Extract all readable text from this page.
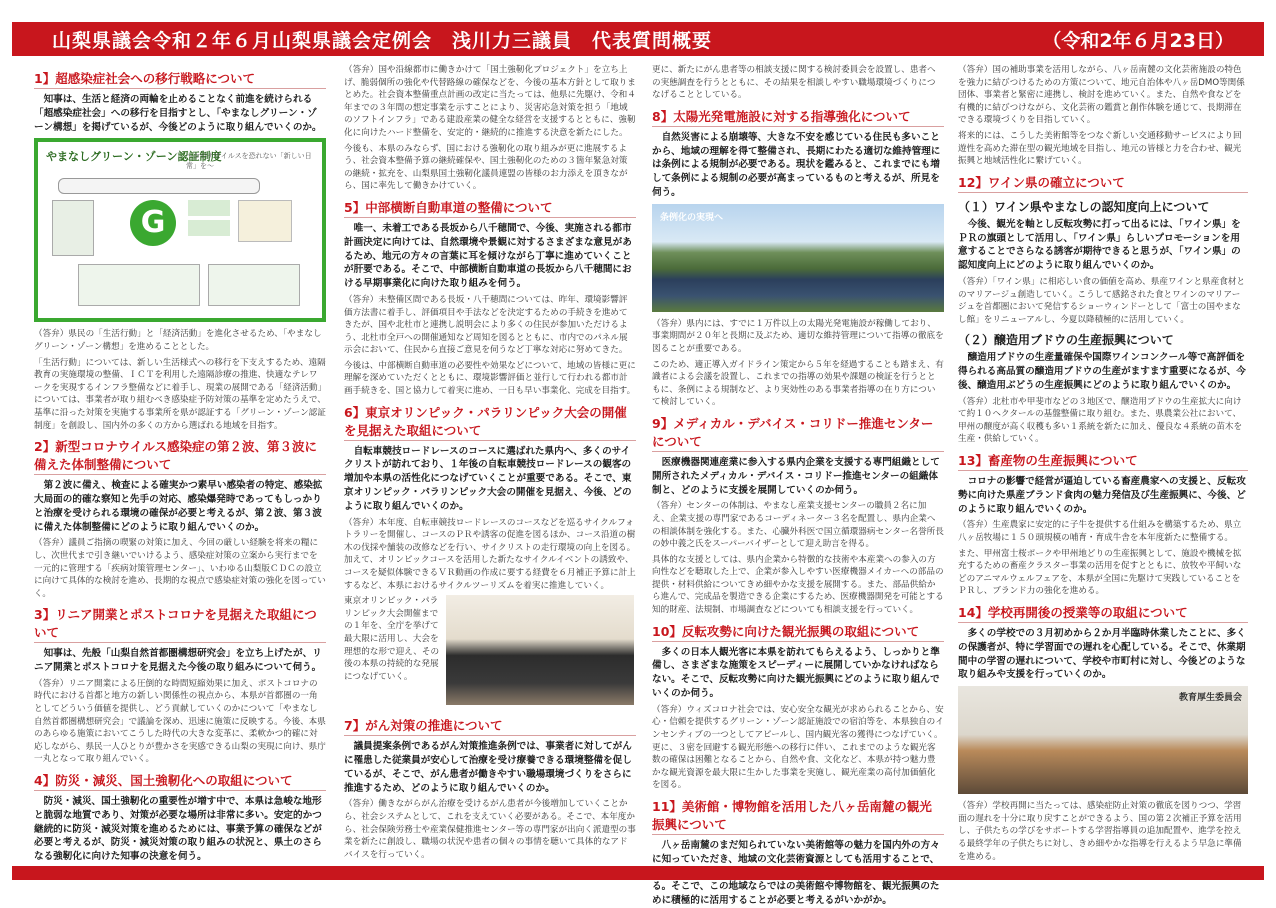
山梨県議会令和２年６月山梨県議会定例会　浅川力三議員　代表質問概要	（令和2年６月23日）
1】超感染症社会への移行戦略について

知事は、生活と経済の両輪を止めることなく前進を続けられる「超感染症社会」への移行を目指すとし、「やまなしグリーン・ゾーン構想」を掲げているが、今後どのように取り組んでいくのか。

やまなしグリーン・ゾーン認証制度
～コロナウイルスを恐れない「新しい日常」を～
G

（答弁）県民の「生活行動」と「経済活動」を進化させるため、「やまなしグリーン・ゾーン構想」を進めることとした。

「生活行動」については、新しい生活様式への移行を下支えするため、遠隔教育の実施環境の整備、ＩＣＴを利用した遠隔診療の推進、快適なテレワークを実現するインフラ整備などに着手し、現業の展開である「経済活動」については、事業者が取り組むべき感染症予防対策の基準を定めたうえで、基準に沿った対策を実施する事業所を県が認証する「グリーン・ゾーン認証制度」を創設し、国内外の多くの方から選ばれる地域を目指す。

2】新型コロナウイルス感染症の第２波、第３波に備えた体制整備について

第２波に備え、検査による確実かつ素早い感染者の特定、感染拡大局面の的確な察知と先手の対応、感染爆発時であってもしっかりと治療を受けられる環境の確保が必要と考えるが、第２波、第３波に備えた体制整備にどのように取り組んでいくのか。

（答弁）議員ご指摘の喫緊の対策に加え、今回の厳しい経験を将来の糧にし、次世代まで引き継いでいけるよう、感染症対策の立案から実行までを一元的に管理する「疾病対策管理センター」、いわゆる山梨版ＣＤＣの設立に向けて具体的な検討を進め、長期的な視点で感染症対策の強化を図っていく。

3】リニア開業とポストコロナを見据えた取組について

知事は、先般「山梨自然首都圏構想研究会」を立ち上げたが、リニア開業とポストコロナを見据えた今後の取り組みについて伺う。

（答弁）リニア開業による圧倒的な時間短縮効果に加え、ポストコロナの時代における首都と地方の新しい関係性の視点から、本県が首都圏の一角としてどういう価値を提供し、どう貢献していくのかについて「やまなし自然首都圏構想研究会」で議論を深め、迅速に施策に反映する。今後、本県のあらゆる施策においてこうした時代の大きな変革に、柔軟かつ的確に対応しながら、県民一人ひとりが豊かさを実感できる山梨の実現に向け、県庁一丸となって取り組んでいく。

4】防災・減災、国土強靭化への取組について

防災・減災、国土強靭化の重要性が増す中で、本県は急峻な地形と脆弱な地質であり、対策が必要な場所は非常に多い。安定的かつ継続的に防災・減災対策を進めるためには、事業予算の確保などが必要と考えるが、防災・減災対策の取り組みの状況と、県土のさらなる強靭化に向けた知事の決意を伺う。

（答弁）国や沿線都市に働きかけて「国土強靭化プロジェクト」を立ち上げ、脆弱個所の強化や代替路線の確保などを、今後の基本方針として取りまとめた。社会資本整備重点計画の改定に当たっては、他県に先駆け、令和４年までの３年間の想定事業を示すことにより、災害応急対策を担う「地域のソフトインフラ」である建設産業の健全な経営を支援するとともに、強靭化に向けたハード整備を、安定的・継続的に推進する決意を新たにした。

今後も、本県のみならず、国における強靭化の取り組みが更に進展するよう、社会資本整備予算の継続確保や、国土強靭化のための３箇年緊急対策の継続・拡充を、山梨県国土強靭化議員連盟の皆様のお力添えを頂きながら、国に率先して働きかけていく。

5】中部横断自動車道の整備について

唯一、未着工である長坂から八千穂間で、今後、実施される都市計画決定に向けては、自然環境や景観に対するさまざまな意見があるため、地元の方々の言葉に耳を傾けながら丁寧に進めていくことが肝要である。そこで、中部横断自動車道の長坂から八千穂間における早期事業化に向けた取り組みを伺う。

（答弁）未整備区間である長坂・八千穂間については、昨年、環境影響評価方法書に着手し、評価項目や手法などを決定するための手続きを進めてきたが、国や北杜市と連携し説明会により多くの住民が参加いただけるよう、北杜市全戸への開催通知など周知を図るとともに、市内でのパネル展示会において、住民から直接ご意見を伺うなど丁寧な対応に努めてきた。

今後は、中部横断自動車道の必要性や効果などについて、地域の皆様に更に理解を深めていただくとともに、環境影響評価と並行して行われる都市計画手続きを、国と協力して着実に進め、一日も早い事業化、完成を目指す。

6】東京オリンピック・パラリンピック大会の開催を見据えた取組について

自転車競技ロードレースのコースに選ばれた県内へ、多くのサイクリストが訪れており、１年後の自転車競技ロードレースの観客の増加や本県の活性化につなげていくことが重要である。そこで、東京オリンピック・パラリンピック大会の開催を見据え、今後、どのように取り組んでいくのか。

（答弁）本年度、自転車競技ロードレースのコースなどを巡るサイクルフォトラリーを開催し、コースのＰＲや誘客の促進を図るほか、コース沿道の樹木の伐採や舗装の改修などを行い、サイクリストの走行環境の向上を図る。加えて、オリンピックコースを活用した新たなサイクルイベントの誘致や、コースを疑似体験できるＶＲ動画の作成に要する経費を６月補正予算に計上するなど、本県におけるサイクルツーリズムを着実に推進していく。

東京オリンピック・パラリンピック大会開催までの１年を、全庁を挙げて最大限に活用し、大会を理想的な形で迎え、その後の本県の持続的な発展につなげていく。

7】がん対策の推進について

議員提案条例であるがん対策推進条例では、事業者に対してがんに罹患した従業員が安心して治療を受け療養できる環境整備を促しているが、そこで、がん患者が働きやすい職場環境づくりをさらに推進するため、どのように取り組んでいくのか。

（答弁）働きながらがん治療を受けるがん患者が今後増加していくことから、社会システムとして、これを支えていく必要がある。そこで、本年度から、社会保険労務士や産業保健推進センター等の専門家が出向く派遣型の事業を新たに創設し、職場の状況や患者の個々の事情を聴いて具体的なアドバイスを行っていく。

更に、新たにがん患者等の相談支援に関する検討委員会を設置し、患者への実態調査を行うとともに、その結果を相談しやすい職場環境づくりにつなげることとしている。

8】太陽光発電施設に対する指導強化について

自然災害による崩壊等、大きな不安を感じている住民も多いことから、地域の理解を得て整備され、長期にわたる適切な維持管理には条例による規制が必要である。現状を鑑みると、これまでにも増して条例による規制の必要が高まっているものと考えるが、所見を伺う。

条例化の実現へ

（答弁）県内には、すでに１万件以上の太陽光発電施設が稼働しており、事業期間が２０年と長期に及ぶため、適切な維持管理について指導の徹底を図ることが重要である。

このため、適正導入ガイドライン策定から５年を経過することも踏まえ、有識者による会議を設置し、これまでの指導の効果や課題の検証を行うとともに、条例による規制など、より実効性のある事業者指導の在り方について検討していく。

9】メディカル・デバイス・コリドー推進センターについて

医療機器関連産業に参入する県内企業を支援する専門組織として開所されたメディカル・デバイス・コリドー推進センターの組織体制と、どのように支援を展開していくのか伺う。

（答弁）センターの体制は、やまなし産業支援センターの職員２名に加え、企業支援の専門家であるコーディネーター３名を配置し、県内企業への相談体制を強化する。また、心臓外科医で国立循環器病センター名誉所長の妙中義之氏をスーパーバイザーとして迎え助言を得る。

具体的な支援としては、県内企業から特徴的な技術や本産業への参入の方向性などを聴取した上で、企業が参入しやすい医療機器メイカーへの部品の提供・材料供給についてきめ細やかな支援を展開する。また、部品供給から進んで、完成品を製造できる企業にするため、医療機器開発を可能とする知的財産、法規制、市場調査などについても相談支援を行っていく。

10】反転攻勢に向けた観光振興の取組について

多くの日本人観光客に本県を訪れてもらえるよう、しっかりと準備し、さまざまな施策をスピーディーに展開していかなければならない。そこで、反転攻勢に向けた観光振興にどのように取り組んでいくのか伺う。

（答弁）ウィズコロナ社会では、安心安全な観光が求められることから、安心・信頼を提供するグリーン・ゾーン認証施設での宿泊等を、本県独自のインセンティブの一つとしてアピールし、国内観光客の獲得につなげていく。更に、３密を回避する観光形態への移行に伴い、これまでのような観光客数の確保は困難となることから、自然や食、文化など、本県が持つ魅力豊かな観光資源を最大限に生かした事業を実施し、観光産業の高付加価値化を図る。

11】美術館・博物館を活用した八ヶ岳南麓の観光振興について

八ヶ岳南麓のまだ知られていない美術館等の魅力を国内外の方々に知っていただき、地域の文化芸術資源としても活用することで、 る。そこで、この地域ならではの美術館や博物館を、観光振興のために積極的に活用することが必要と考えるがいかがか。

（答弁）国の補助事業を活用しながら、八ヶ岳南麓の文化芸術施設の特色を強力に結びつけるための方策について、地元自治体や八ヶ岳DMO等関係団体、事業者と緊密に連携し、検討を進めていく。また、自然や食などを有機的に結びつけながら、文化芸術の鑑賞と創作体験を通じて、長期滞在できる環境づくりを目指していく。

将来的には、こうした美術館等をつなぐ新しい交通移動サービスにより回遊性を高めた滞在型の観光地域を目指し、地元の皆様と力を合わせ、観光振興と地域活性化に繋げていく。

12】ワイン県の確立について
（１）ワイン県やまなしの認知度向上について

今後、観光を軸とし反転攻勢に打って出るには、「ワイン県」をＰＲの旗頭として活用し、「ワイン県」らしいプロモーションを用意することでさらなる誘客が期待できると思うが、「ワイン県」の認知度向上にどのように取り組んでいくのか。

（答弁）「ワイン県」に相応しい食の価値を高め、県産ワインと県産食材とのマリアージュ創造していく。こうして感銘された食とワインのマリアージュを首都圏において発信するショーウィンドーとして「富士の国やまなし館」をリニューアルし、今夏以降積極的に活用していく。

（２）醸造用ブドウの生産振興について

醸造用ブドウの生産量確保や国際ワインコンクール等で高評価を得られる高品質の醸造用ブドウの生産がますます重要になるが、今後、醸造用ぶどうの生産振興にどのように取り組んでいくのか。

（答弁）北杜市や甲斐市などの３地区で、醸造用ブドウの生産拡大に向けて約１０ヘクタールの基盤整備に取り組む。また、県農業公社において、甲州の醸度が高く収穫も多い１系統を新たに加え、優良な４系統の苗木を生産・供給していく。

13】畜産物の生産振興について

コロナの影響で経営が逼迫している畜産農家への支援と、反転攻勢に向けた県産ブランド食肉の魅力発信及び生産振興に、今後、どのように取り組んでいくのか。

（答弁）生産農家に安定的に子牛を提供する仕組みを構築するため、県立八ヶ岳牧場に１５０頭規模の哺育・育成牛舎を本年度新たに整備する。

また、甲州富士桜ポークや甲州地どりの生産振興として、施設や機械を拡充するための畜産クラスター事業の活用を促すとともに、放牧や平飼いなどのアニマルウェルフェアを、本県が全国に先駆けて実践していることをＰＲし、ブランド力の強化を進める。

14】学校再開後の授業等の取組について

多くの学校での３月初めから２か月半臨時休業したことに、多くの保護者が、特に学習面での遅れを心配している。そこで、休業期間中の学習の遅れについて、学校や市町村に対し、今後どのような取り組みや支援を行っていくのか。

教育厚生委員会

（答弁）学校再開に当たっては、感染症防止対策の徹底を図りつつ、学習面の遅れを十分に取り戻すことができるよう、国の第２次補正予算を活用し、子供たちの学びをサポートする学習指導員の追加配置や、進学を控える最終学年の子供たちに対し、きめ細やかな指導を行えるよう早急に準備を進める。
